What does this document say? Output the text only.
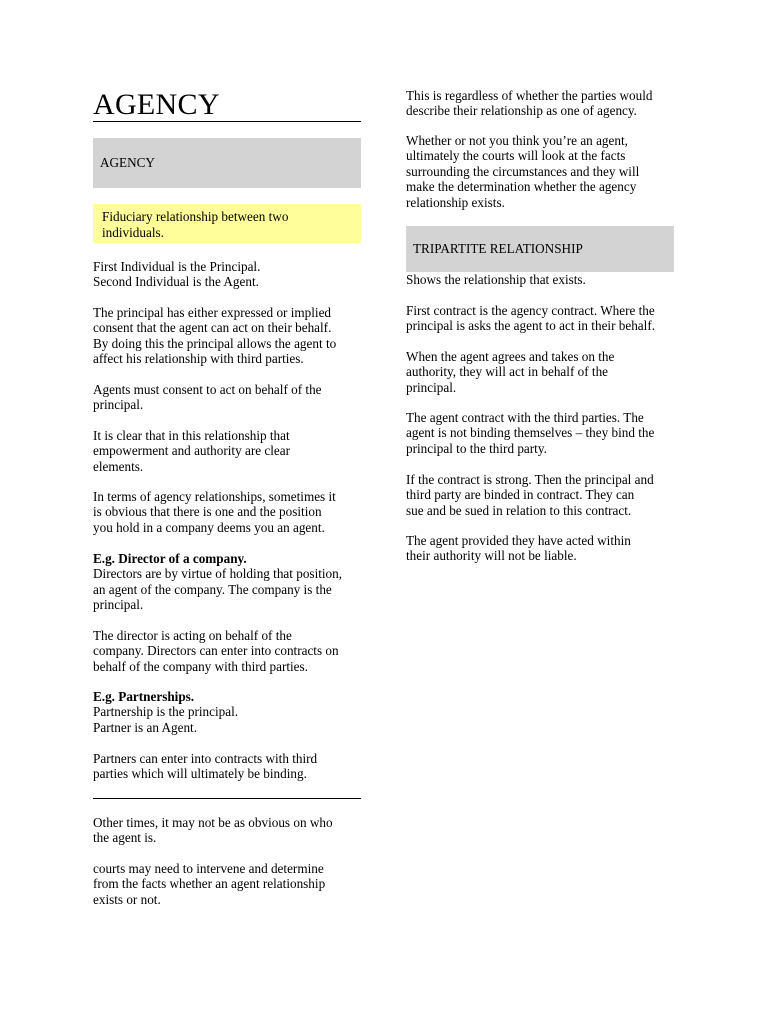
AGENCY
AGENCY
Fiduciary relationship between two
individuals.
First Individual is the Principal.
Second Individual is the Agent.
The principal has either expressed or implied
consent that the agent can act on their behalf.
By doing this the principal allows the agent to
affect his relationship with third parties.
Agents must consent to act on behalf of the
principal.
It is clear that in this relationship that
empowerment and authority are clear
elements.
In terms of agency relationships, sometimes it
is obvious that there is one and the position
you hold in a company deems you an agent.
E.g. Director of a company.
Directors are by virtue of holding that position,
an agent of the company. The company is the
principal.
The director is acting on behalf of the
company. Directors can enter into contracts on
behalf of the company with third parties.
E.g. Partnerships.
Partnership is the principal.
Partner is an Agent.
Partners can enter into contracts with third
parties which will ultimately be binding.
Other times, it may not be as obvious on who
the agent is.
courts may need to intervene and determine
from the facts whether an agent relationship
exists or not.
This is regardless of whether the parties would
describe their relationship as one of agency.
Whether or not you think you’re an agent,
ultimately the courts will look at the facts
surrounding the circumstances and they will
make the determination whether the agency
relationship exists.
TRIPARTITE RELATIONSHIP
Shows the relationship that exists.
First contract is the agency contract. Where the
principal is asks the agent to act in their behalf.
When the agent agrees and takes on the
authority, they will act in behalf of the
principal.
The agent contract with the third parties. The
agent is not binding themselves – they bind the
principal to the third party.
If the contract is strong. Then the principal and
third party are binded in contract. They can
sue and be sued in relation to this contract.
The agent provided they have acted within
their authority will not be liable.
